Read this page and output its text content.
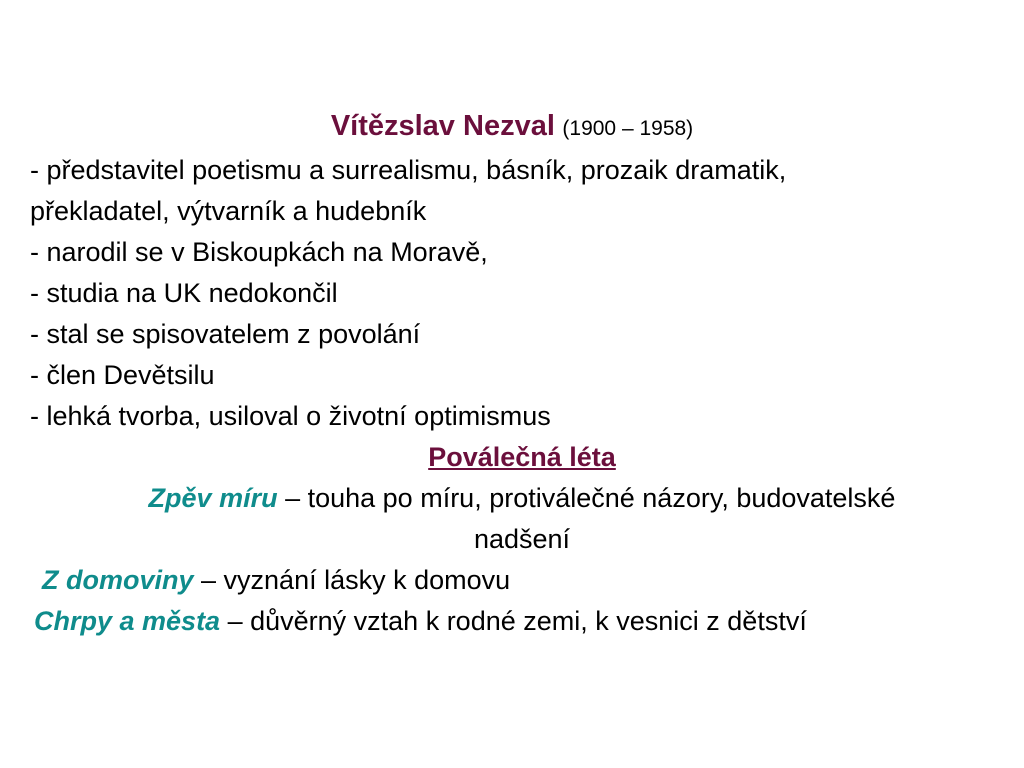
Vítězslav Nezval (1900 – 1958)
- představitel poetismu a surrealismu, básník, prozaik dramatik,
překladatel, výtvarník a hudebník
- narodil se v Biskoupkách na Moravě,
- studia na UK nedokončil
- stal se spisovatelem z povolání
- člen Devětsilu
- lehká tvorba, usiloval o životní optimismus
Poválečná léta
Zpěv míru – touha po míru, protiválečné názory, budovatelské
nadšení
Z domoviny – vyznání lásky k domovu
Chrpy a města – důvěrný vztah k rodné zemi, k vesnici z dětství
